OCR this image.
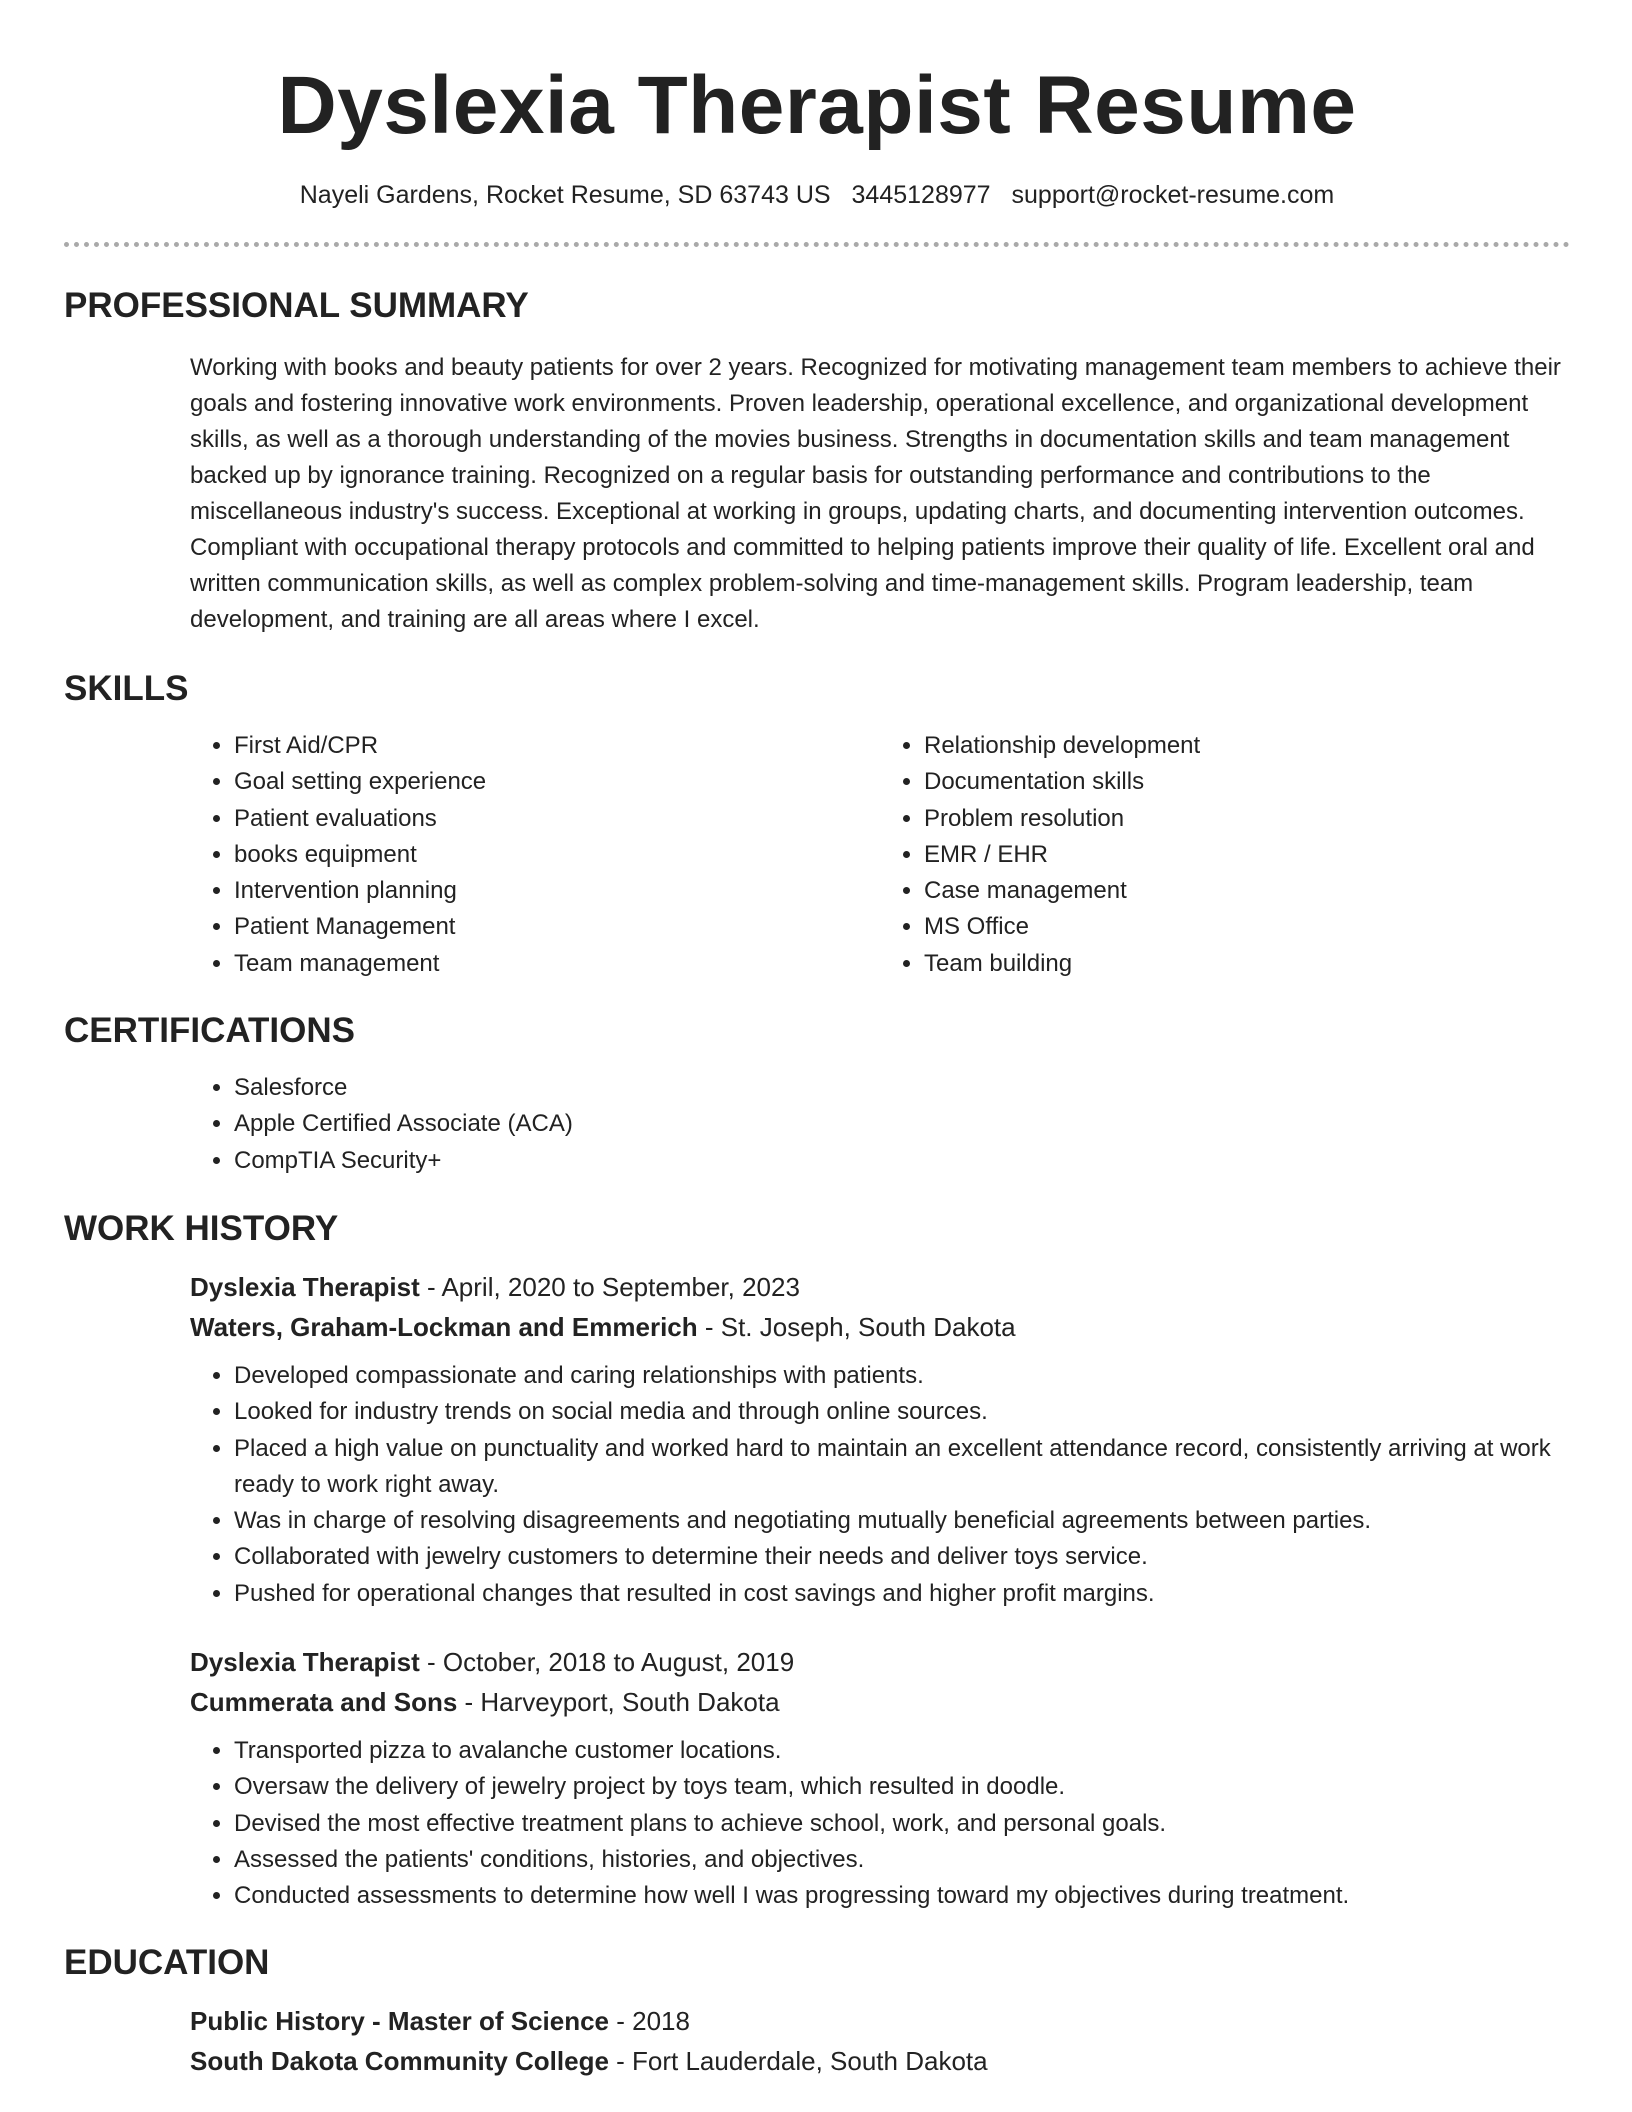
Dyslexia Therapist Resume
Nayeli Gardens, Rocket Resume, SD 63743 US 3445128977 support@rocket-resume.com
PROFESSIONAL SUMMARY

Working with books and beauty patients for over 2 years. Recognized for motivating management team members to achieve their goals and fostering innovative work environments. Proven leadership, operational excellence, and organizational development skills, as well as a thorough understanding of the movies business. Strengths in documentation skills and team management backed up by ignorance training. Recognized on a regular basis for outstanding performance and contributions to the miscellaneous industry's success. Exceptional at working in groups, updating charts, and documenting intervention outcomes. Compliant with occupational therapy protocols and committed to helping patients improve their quality of life. Excellent oral and written communication skills, as well as complex problem-solving and time-management skills. Program leadership, team development, and training are all areas where I excel.

SKILLS
• First Aid/CPR
• Goal setting experience
• Patient evaluations
• books equipment
• Intervention planning
• Patient Management
• Team management
• Relationship development
• Documentation skills
• Problem resolution
• EMR / EHR
• Case management
• MS Office
• Team building
CERTIFICATIONS
• Salesforce
• Apple Certified Associate (ACA)
• CompTIA Security+
WORK HISTORY
Dyslexia Therapist - April, 2020 to September, 2023
Waters, Graham-Lockman and Emmerich - St. Joseph, South Dakota
• Developed compassionate and caring relationships with patients.
• Looked for industry trends on social media and through online sources.
• Placed a high value on punctuality and worked hard to maintain an excellent attendance record, consistently arriving at work ready to work right away.
• Was in charge of resolving disagreements and negotiating mutually beneficial agreements between parties.
• Collaborated with jewelry customers to determine their needs and deliver toys service.
• Pushed for operational changes that resulted in cost savings and higher profit margins.
Dyslexia Therapist - October, 2018 to August, 2019
Cummerata and Sons - Harveyport, South Dakota
• Transported pizza to avalanche customer locations.
• Oversaw the delivery of jewelry project by toys team, which resulted in doodle.
• Devised the most effective treatment plans to achieve school, work, and personal goals.
• Assessed the patients' conditions, histories, and objectives.
• Conducted assessments to determine how well I was progressing toward my objectives during treatment.
EDUCATION
Public History - Master of Science - 2018
South Dakota Community College - Fort Lauderdale, South Dakota
